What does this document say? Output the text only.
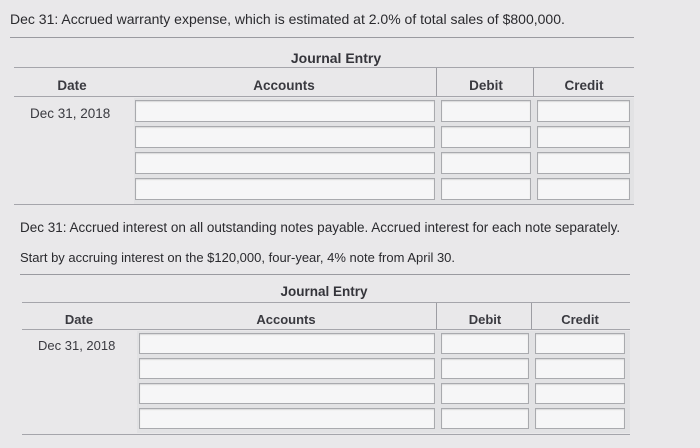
Dec 31: Accrued warranty expense, which is estimated at 2.0% of total sales of $800,000.
Journal Entry
Date	Accounts	Debit	Credit
Dec 31, 2018
Dec 31: Accrued interest on all outstanding notes payable. Accrued interest for each note separately.
Start by accruing interest on the $120,000, four-year, 4% note from April 30.
Journal Entry
Date	Accounts	Debit	Credit
Dec 31, 2018
